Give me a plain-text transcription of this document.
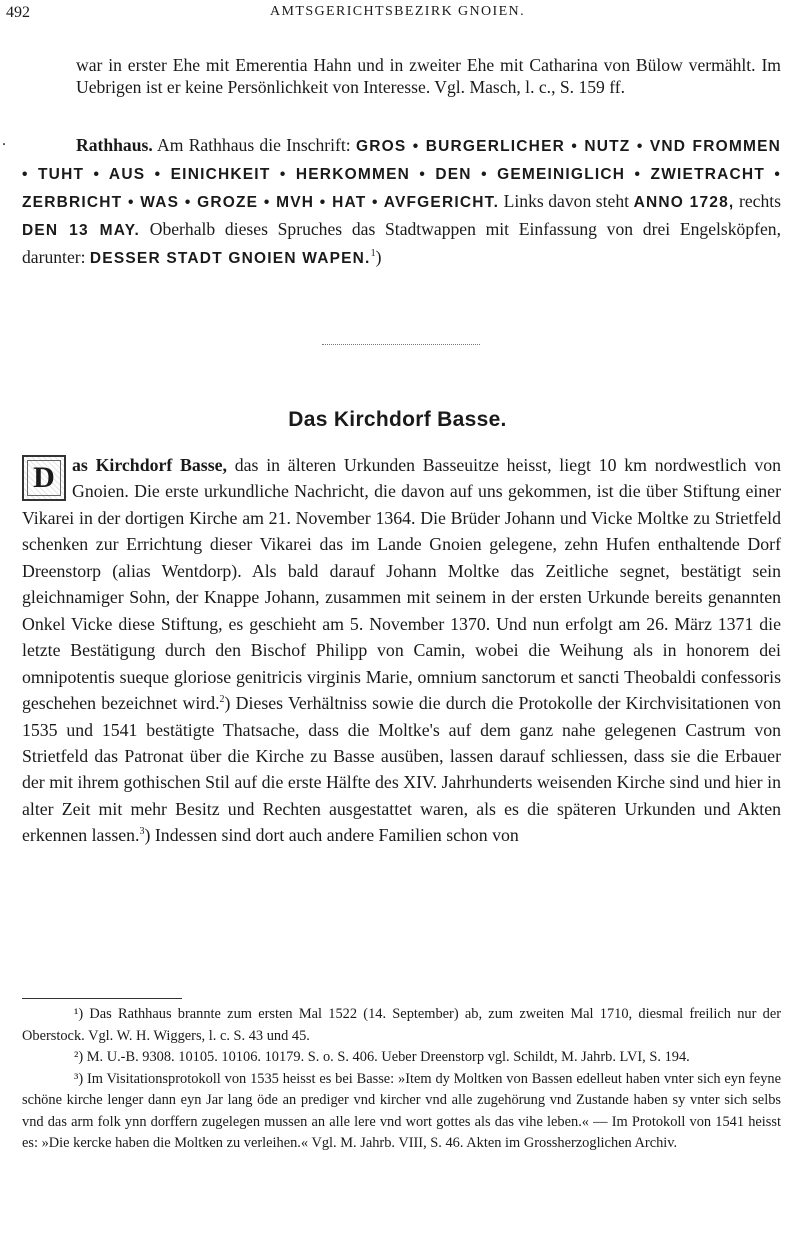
492	AMTSGERICHTSBEZIRK GNOIEN.
war in erster Ehe mit Emerentia Hahn und in zweiter Ehe mit Catharina von Bülow vermählt. Im Uebrigen ist er keine Persönlichkeit von Interesse. Vgl. Masch, l. c., S. 159 ff.
.	Rathhaus. Am Rathhaus die Inschrift: GROS • BURGERLICHER • NUTZ • VND FROMMEN • TUHT • AUS • EINICHKEIT • HERKOMMEN • DEN • GEMEINIGLICH • ZWIETRACHT • ZERBRICHT • WAS • GROZE • MVH • HAT • AVFGERICHT. Links davon steht ANNO 1728, rechts DEN 13 MAY. Oberhalb dieses Spruches das Stadtwappen mit Einfassung von drei Engelsköpfen, darunter: DESSER STADT GNOIEN WAPEN.$^1$)
Das Kirchdorf Basse.
D as Kirchdorf Basse, das in älteren Urkunden Basseuitze heisst, liegt 10 km nordwestlich von Gnoien. Die erste urkundliche Nachricht, die davon auf uns gekommen, ist die über Stiftung einer Vikarei in der dortigen Kirche am 21. November 1364. Die Brüder Johann und Vicke Moltke zu Strietfeld schenken zur Errichtung dieser Vikarei das im Lande Gnoien gelegene, zehn Hufen enthaltende Dorf Dreenstorp (alias Wentdorp). Als bald darauf Johann Moltke das Zeitliche segnet, bestätigt sein gleichnamiger Sohn, der Knappe Johann, zusammen mit seinem in der ersten Urkunde bereits genannten Onkel Vicke diese Stiftung, es geschieht am 5. November 1370. Und nun erfolgt am 26. März 1371 die letzte Bestätigung durch den Bischof Philipp von Camin, wobei die Weihung als in honorem dei omnipotentis sueque gloriose genitricis virginis Marie, omnium sanctorum et sancti Theobaldi confessoris geschehen bezeichnet wird.$^2$) Dieses Verhältniss sowie die durch die Protokolle der Kirchvisitationen von 1535 und 1541 bestätigte Thatsache, dass die Moltke's auf dem ganz nahe gelegenen Castrum von Strietfeld das Patronat über die Kirche zu Basse ausüben, lassen darauf schliessen, dass sie die Erbauer der mit ihrem gothischen Stil auf die erste Hälfte des XIV. Jahrhunderts weisenden Kirche sind und hier in alter Zeit mit mehr Besitz und Rechten ausgestattet waren, als es die späteren Urkunden und Akten erkennen lassen.$^3$) Indessen sind dort auch andere Familien schon von

¹) Das Rathhaus brannte zum ersten Mal 1522 (14. September) ab, zum zweiten Mal 1710, diesmal freilich nur der Oberstock. Vgl. W. H. Wiggers, l. c. S. 43 und 45.

²) M. U.-B. 9308. 10105. 10106. 10179. S. o. S. 406. Ueber Dreenstorp vgl. Schildt, M. Jahrb. LVI, S. 194.

³) Im Visitationsprotokoll von 1535 heisst es bei Basse: »Item dy Moltken von Bassen edelleut haben vnter sich eyn feyne schöne kirche lenger dann eyn Jar lang öde an prediger vnd kircher vnd alle zugehörung vnd Zustande haben sy vnter sich selbs vnd das arm folk ynn dorffern zugelegen mussen an alle lere vnd wort gottes als das vihe leben.« — Im Protokoll von 1541 heisst es: »Die kercke haben die Moltken zu verleihen.« Vgl. M. Jahrb. VIII, S. 46. Akten im Grossherzoglichen Archiv.
